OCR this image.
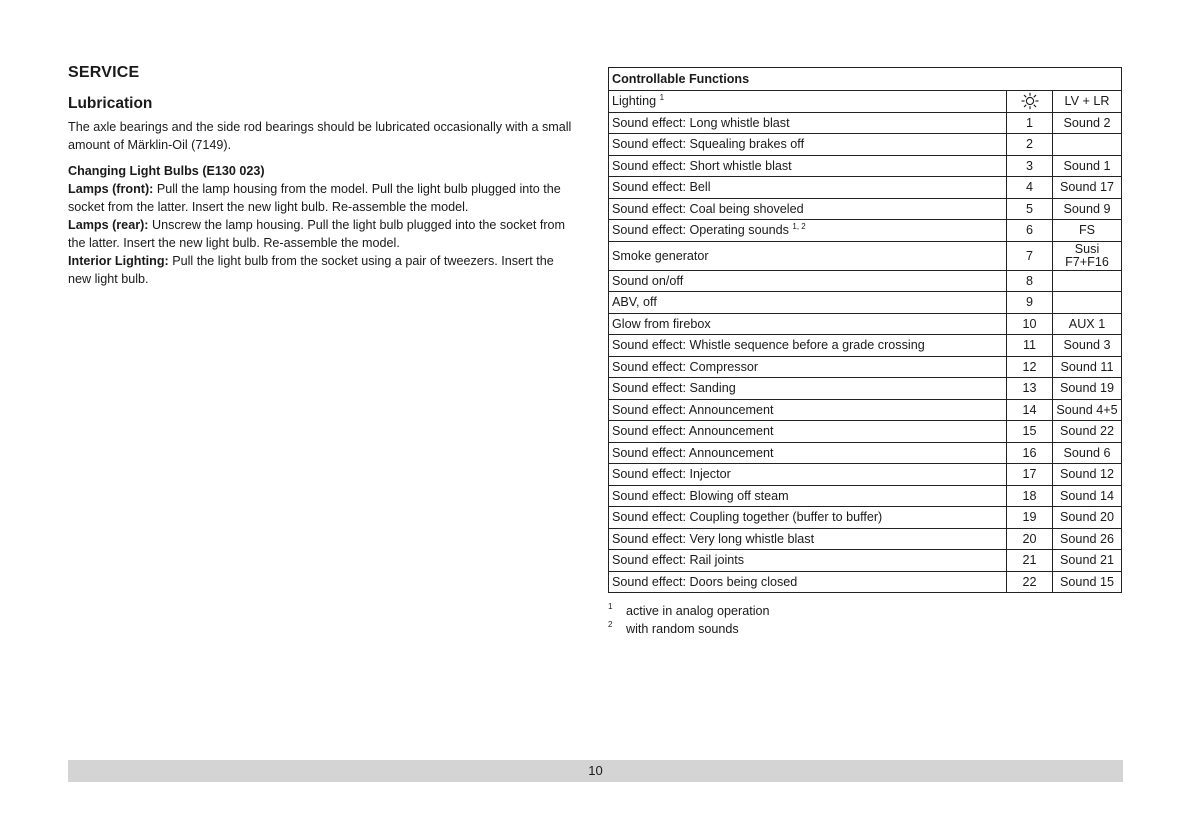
SERVICE
Lubrication

The axle bearings and the side rod bearings should be lubricated occasionally with a small amount of Märklin-Oil (7149).

Changing Light Bulbs (E130 023)

Lamps (front): Pull the lamp housing from the model. Pull the light bulb plugged into the socket from the latter. Insert the new light bulb. Re-assemble the model.

Lamps (rear): Unscrew the lamp housing. Pull the light bulb plugged into the socket from the latter. Insert the new light bulb. Re-assemble the model.

Interior Lighting: Pull the light bulb from the socket using a pair of tweezers. Insert the new light bulb.

Controllable Functions		
Lighting $^1$		LV + LR
Sound effect: Long whistle blast	1	Sound 2
Sound effect: Squealing brakes off	2	
Sound effect: Short whistle blast	3	Sound 1
Sound effect: Bell	4	Sound 17
Sound effect: Coal being shoveled	5	Sound 9
Sound effect: Operating sounds $^{1, 2}$	6	FS
Smoke generator	7	Susi
F7+F16

Sound on/off	8	
ABV, off	9	
Glow from firebox	10	AUX 1
Sound effect: Whistle sequence before a grade crossing	11	Sound 3
Sound effect: Compressor	12	Sound 11
Sound effect: Sanding	13	Sound 19
Sound effect: Announcement	14	Sound 4+5
Sound effect: Announcement	15	Sound 22
Sound effect: Announcement	16	Sound 6
Sound effect: Injector	17	Sound 12
Sound effect: Blowing off steam	18	Sound 14
Sound effect: Coupling together (buffer to buffer)	19	Sound 20
Sound effect: Very long whistle blast	20	Sound 26
Sound effect: Rail joints	21	Sound 21
Sound effect: Doors being closed	22	Sound 15
1	active in analog operation
2	with random sounds
10
